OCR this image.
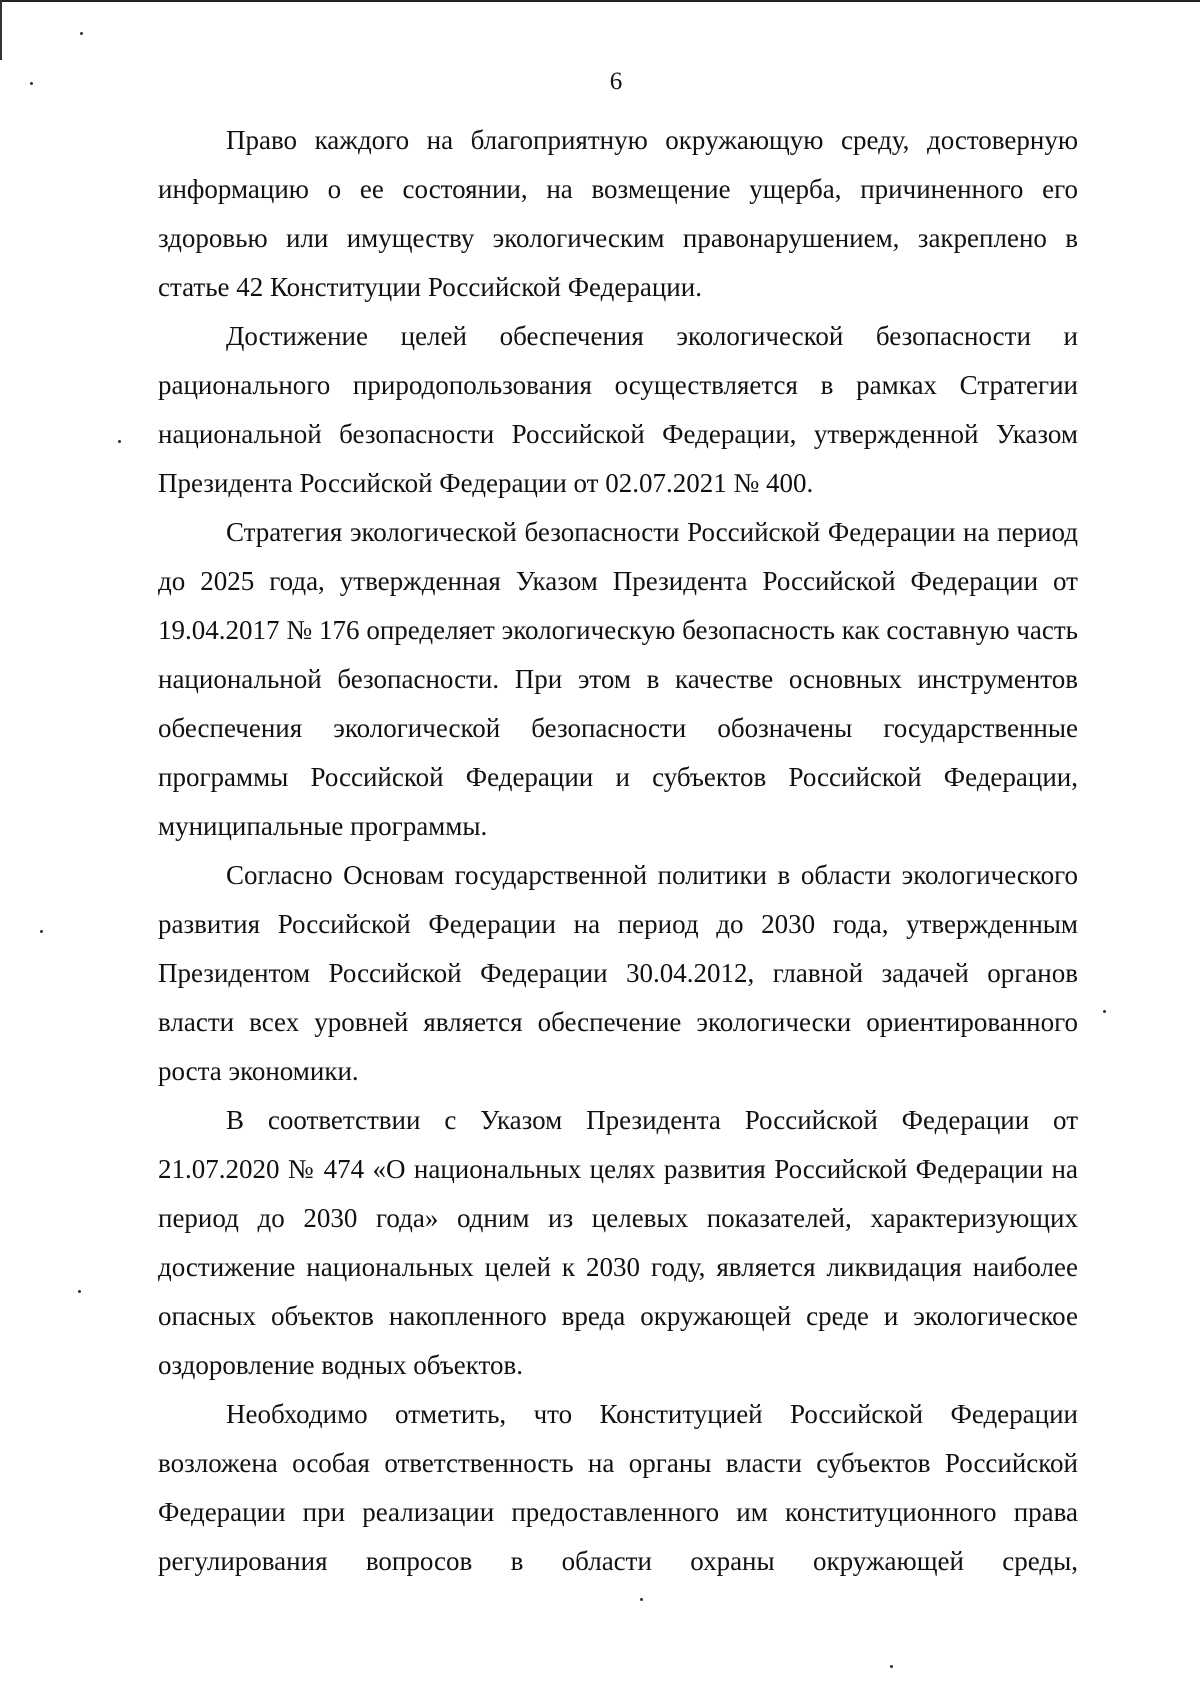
6

Право каждого на благоприятную окружающую среду, достоверную информацию о ее состоянии, на возмещение ущерба, причиненного его здоровью или имуществу экологическим правонарушением, закреплено в статье 42 Конституции Российской Федерации.

Достижение целей обеспечения экологической безопасности и рационального природопользования осуществляется в рамках Стратегии национальной безопасности Российской Федерации, утвержденной Указом Президента Российской Федерации от 02.07.2021 № 400.

Стратегия экологической безопасности Российской Федерации на период до 2025 года, утвержденная Указом Президента Российской Федерации от 19.04.2017 № 176 определяет экологическую безопасность как составную часть национальной безопасности. При этом в качестве основных инструментов обеспечения экологической безопасности обозначены государственные программы Российской Федерации и субъектов Российской Федерации, муниципальные программы.

Согласно Основам государственной политики в области экологического развития Российской Федерации на период до 2030 года, утвержденным Президентом Российской Федерации 30.04.2012, главной задачей органов власти всех уровней является обеспечение экологически ориентированного роста экономики.

В соответствии с Указом Президента Российской Федерации от 21.07.2020 № 474 «О национальных целях развития Российской Федерации на период до 2030 года» одним из целевых показателей, характеризующих достижение национальных целей к 2030 году, является ликвидация наиболее опасных объектов накопленного вреда окружающей среде и экологическое оздоровление водных объектов.

Необходимо отметить, что Конституцией Российской Федерации возложена особая ответственность на органы власти субъектов Российской Федерации при реализации предоставленного им конституционного права регулирования вопросов в области охраны окружающей среды,
